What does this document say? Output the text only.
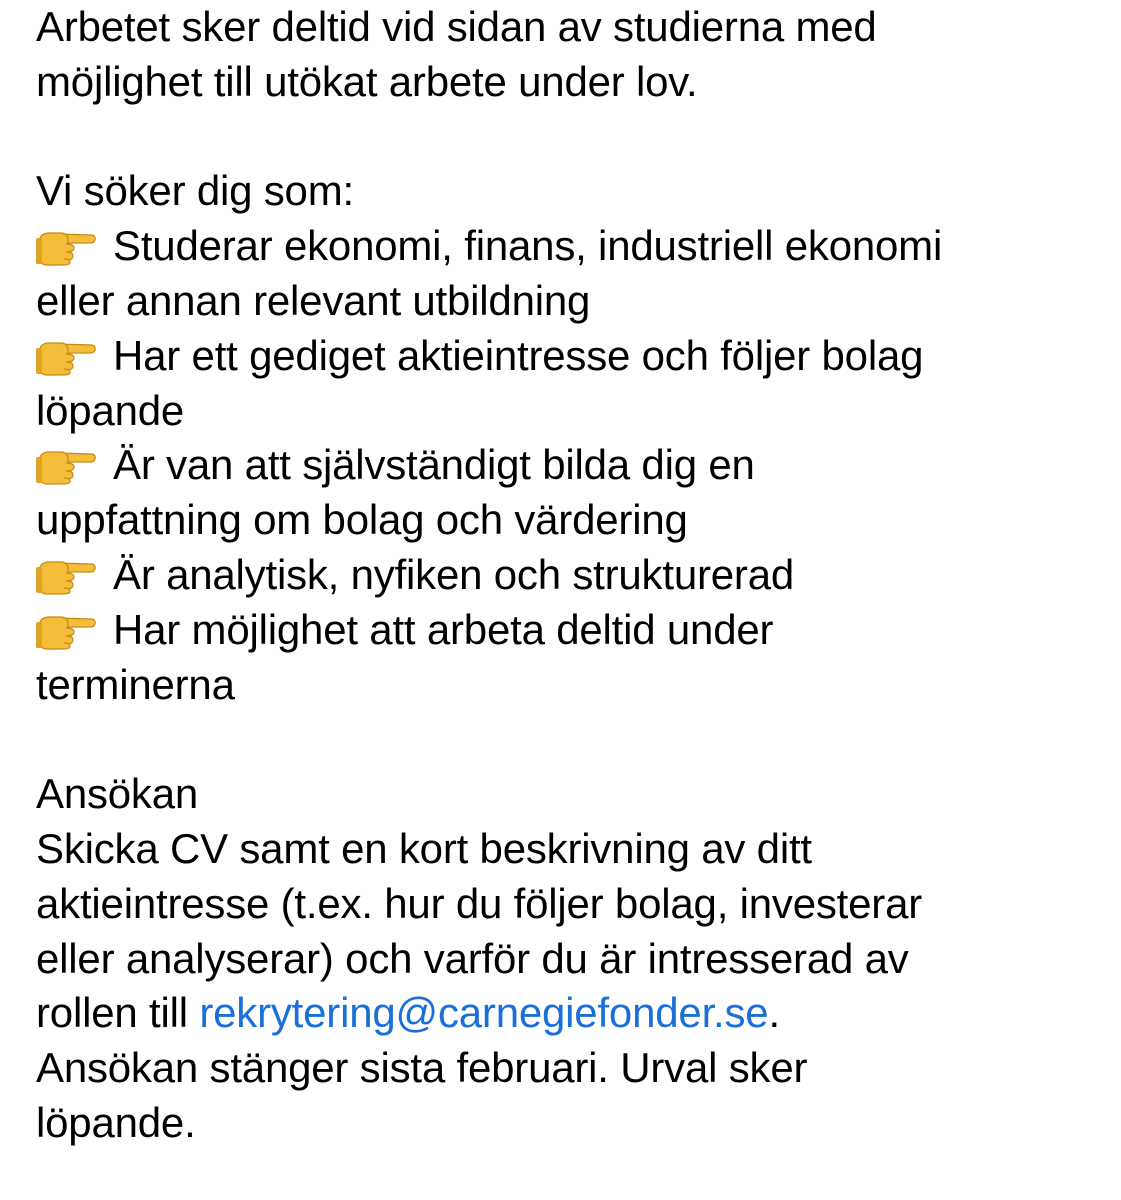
Arbetet sker deltid vid sidan av studierna med
möjlighet till utökat arbete under lov.
Vi söker dig som:
Studerar ekonomi, finans, industriell ekonomi
eller annan relevant utbildning
Har ett gediget aktieintresse och följer bolag
löpande
Är van att självständigt bilda dig en
uppfattning om bolag och värdering
Är analytisk, nyfiken och strukturerad
Har möjlighet att arbeta deltid under
terminerna
Ansökan
Skicka CV samt en kort beskrivning av ditt
aktieintresse (t.ex. hur du följer bolag, investerar
eller analyserar) och varför du är intresserad av
rollen till rekrytering@carnegiefonder.se.
Ansökan stänger sista februari. Urval sker
löpande.
